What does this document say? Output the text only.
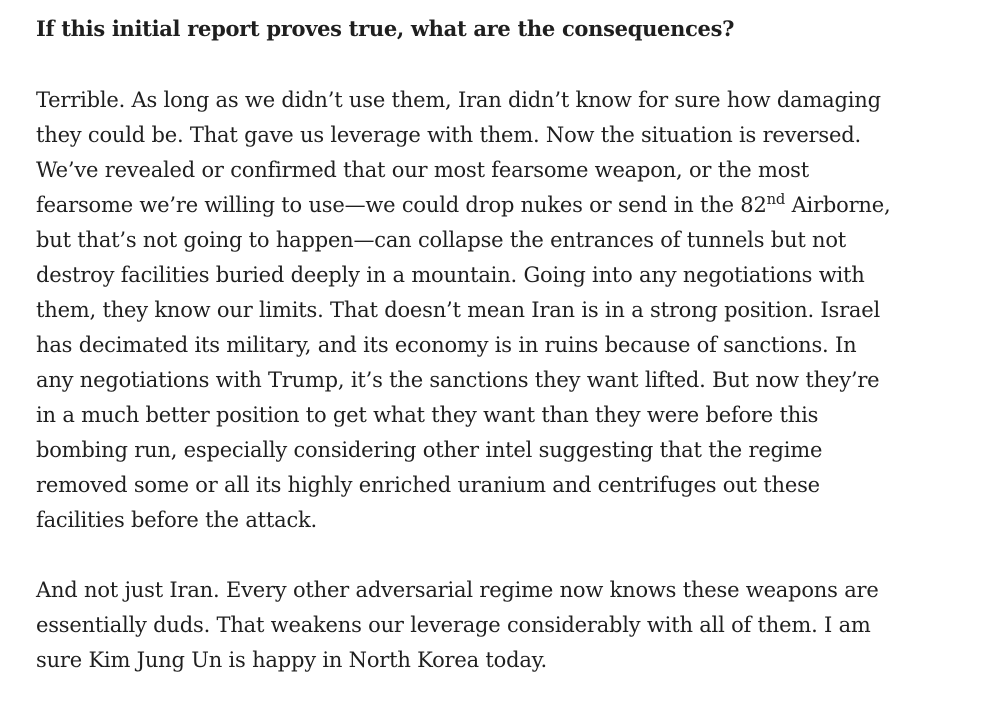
If this initial report proves true, what are the consequences?

Terrible. As long as we didn’t use them, Iran didn’t know for sure how damaging
they could be. That gave us leverage with them. Now the situation is reversed.
We’ve revealed or confirmed that our most fearsome weapon, or the most
fearsome we’re willing to use—we could drop nukes or send in the 82nd Airborne,
but that’s not going to happen—can collapse the entrances of tunnels but not
destroy facilities buried deeply in a mountain. Going into any negotiations with
them, they know our limits. That doesn’t mean Iran is in a strong position. Israel
has decimated its military, and its economy is in ruins because of sanctions. In
any negotiations with Trump, it’s the sanctions they want lifted. But now they’re
in a much better position to get what they want than they were before this
bombing run, especially considering other intel suggesting that the regime
removed some or all its highly enriched uranium and centrifuges out these
facilities before the attack.

And not just Iran. Every other adversarial regime now knows these weapons are
essentially duds. That weakens our leverage considerably with all of them. I am
sure Kim Jung Un is happy in North Korea today.
